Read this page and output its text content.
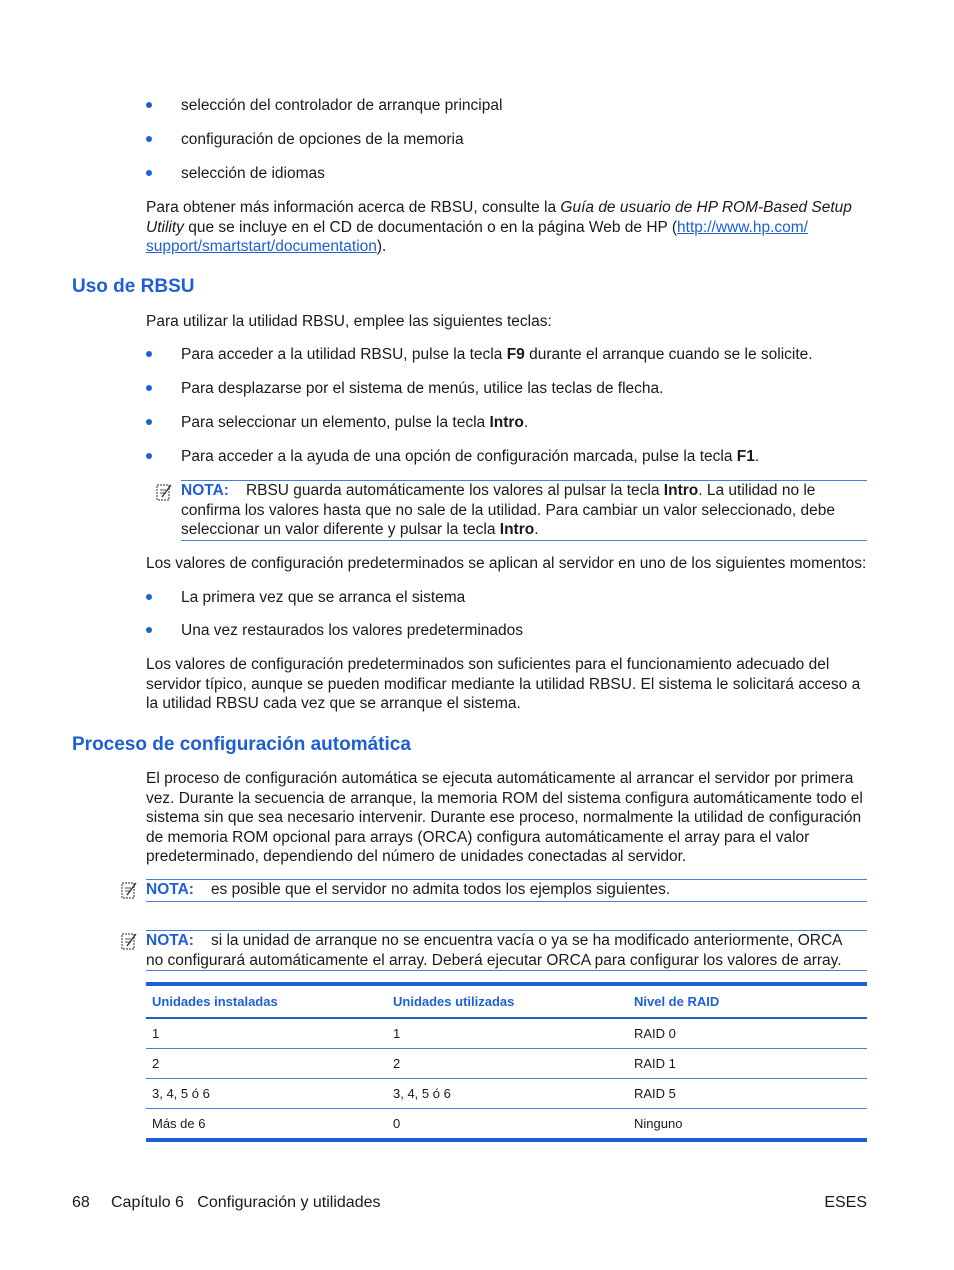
selección del controlador de arranque principal
configuración de opciones de la memoria
selección de idiomas
Para obtener más información acerca de RBSU, consulte la Guía de usuario de HP ROM-Based Setup
Utility que se incluye en el CD de documentación o en la página Web de HP (http://www.hp.com/
support/smartstart/documentation).
Uso de RBSU
Para utilizar la utilidad RBSU, emplee las siguientes teclas:
Para acceder a la utilidad RBSU, pulse la tecla F9 durante el arranque cuando se le solicite.
Para desplazarse por el sistema de menús, utilice las teclas de flecha.
Para seleccionar un elemento, pulse la tecla Intro.
Para acceder a la ayuda de una opción de configuración marcada, pulse la tecla F1.
NOTA: RBSU guarda automáticamente los valores al pulsar la tecla Intro. La utilidad no le
confirma los valores hasta que no sale de la utilidad. Para cambiar un valor seleccionado, debe
seleccionar un valor diferente y pulsar la tecla Intro.
Los valores de configuración predeterminados se aplican al servidor en uno de los siguientes momentos:
La primera vez que se arranca el sistema
Una vez restaurados los valores predeterminados
Los valores de configuración predeterminados son suficientes para el funcionamiento adecuado del
servidor típico, aunque se pueden modificar mediante la utilidad RBSU. El sistema le solicitará acceso a
la utilidad RBSU cada vez que se arranque el sistema.
Proceso de configuración automática
El proceso de configuración automática se ejecuta automáticamente al arrancar el servidor por primera
vez. Durante la secuencia de arranque, la memoria ROM del sistema configura automáticamente todo el
sistema sin que sea necesario intervenir. Durante ese proceso, normalmente la utilidad de configuración
de memoria ROM opcional para arrays (ORCA) configura automáticamente el array para el valor
predeterminado, dependiendo del número de unidades conectadas al servidor.
NOTA: es posible que el servidor no admita todos los ejemplos siguientes.
NOTA: si la unidad de arranque no se encuentra vacía o ya se ha modificado anteriormente, ORCA
no configurará automáticamente el array. Deberá ejecutar ORCA para configurar los valores de array.
Unidades instaladas	Unidades utilizadas	Nivel de RAID
1	1	RAID 0
2	2	RAID 1
3, 4, 5 ó 6	3, 4, 5 ó 6	RAID 5
Más de 6	0	Ninguno
68 Capítulo 6   Configuración y utilidades	ESES
